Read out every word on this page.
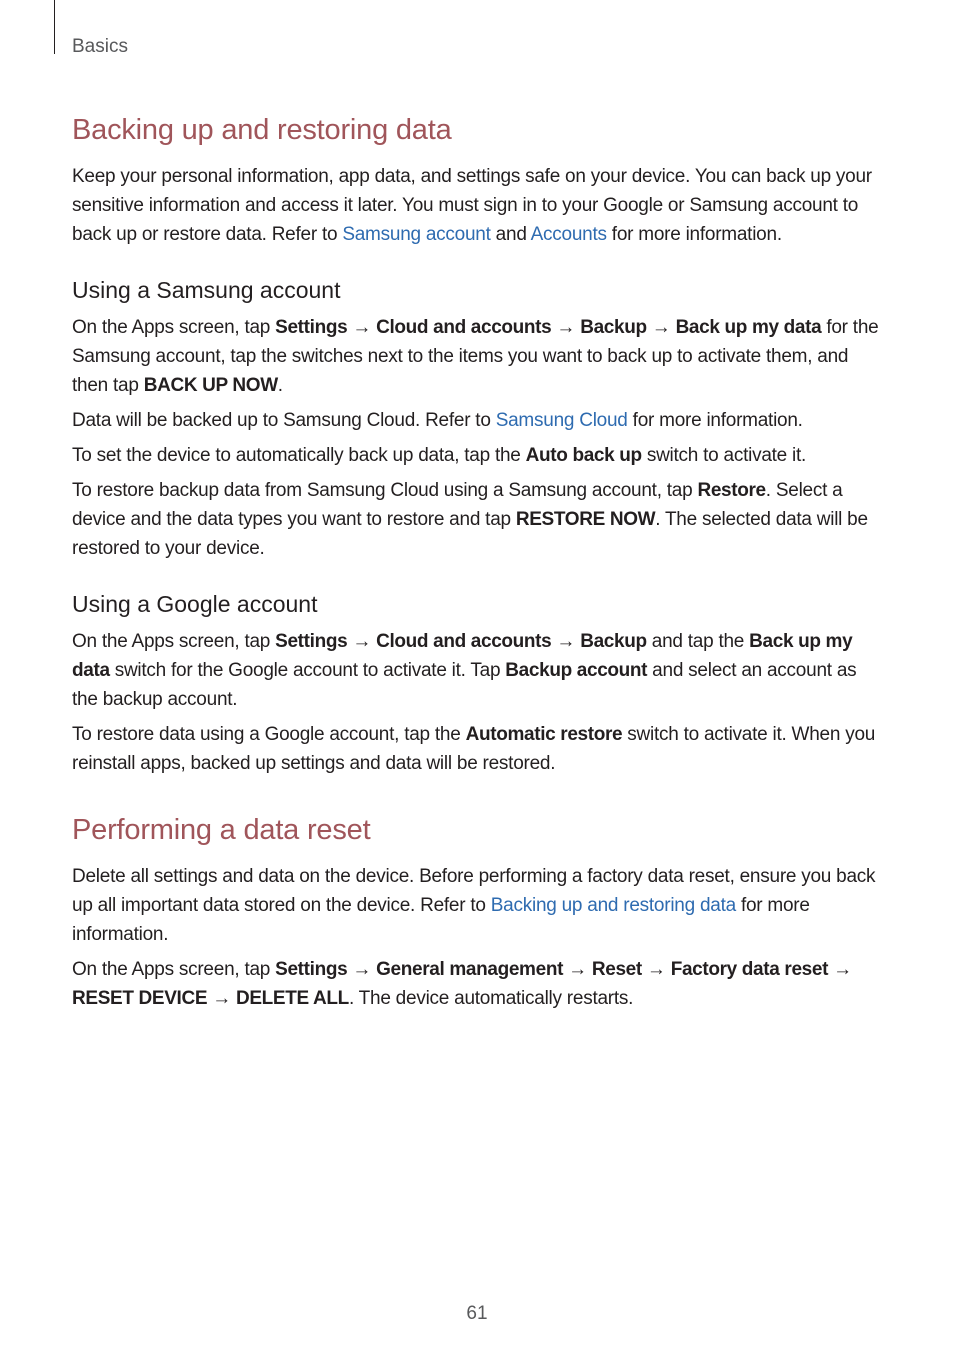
Basics
Backing up and restoring data

Keep your personal information, app data, and settings safe on your device. You can back up your sensitive information and access it later. You must sign in to your Google or Samsung account to back up or restore data. Refer to Samsung account and Accounts for more information.

Using a Samsung account

On the Apps screen, tap Settings → Cloud and accounts → Backup → Back up my data for the Samsung account, tap the switches next to the items you want to back up to activate them, and then tap BACK UP NOW.

Data will be backed up to Samsung Cloud. Refer to Samsung Cloud for more information.

To set the device to automatically back up data, tap the Auto back up switch to activate it.

To restore backup data from Samsung Cloud using a Samsung account, tap Restore. Select a device and the data types you want to restore and tap RESTORE NOW. The selected data will be restored to your device.

Using a Google account

On the Apps screen, tap Settings → Cloud and accounts → Backup and tap the Back up my data switch for the Google account to activate it. Tap Backup account and select an account as the backup account.

To restore data using a Google account, tap the Automatic restore switch to activate it. When you reinstall apps, backed up settings and data will be restored.

Performing a data reset

Delete all settings and data on the device. Before performing a factory data reset, ensure you back up all important data stored on the device. Refer to Backing up and restoring data for more information.

On the Apps screen, tap Settings → General management → Reset → Factory data reset → RESET DEVICE → DELETE ALL. The device automatically restarts.

61
